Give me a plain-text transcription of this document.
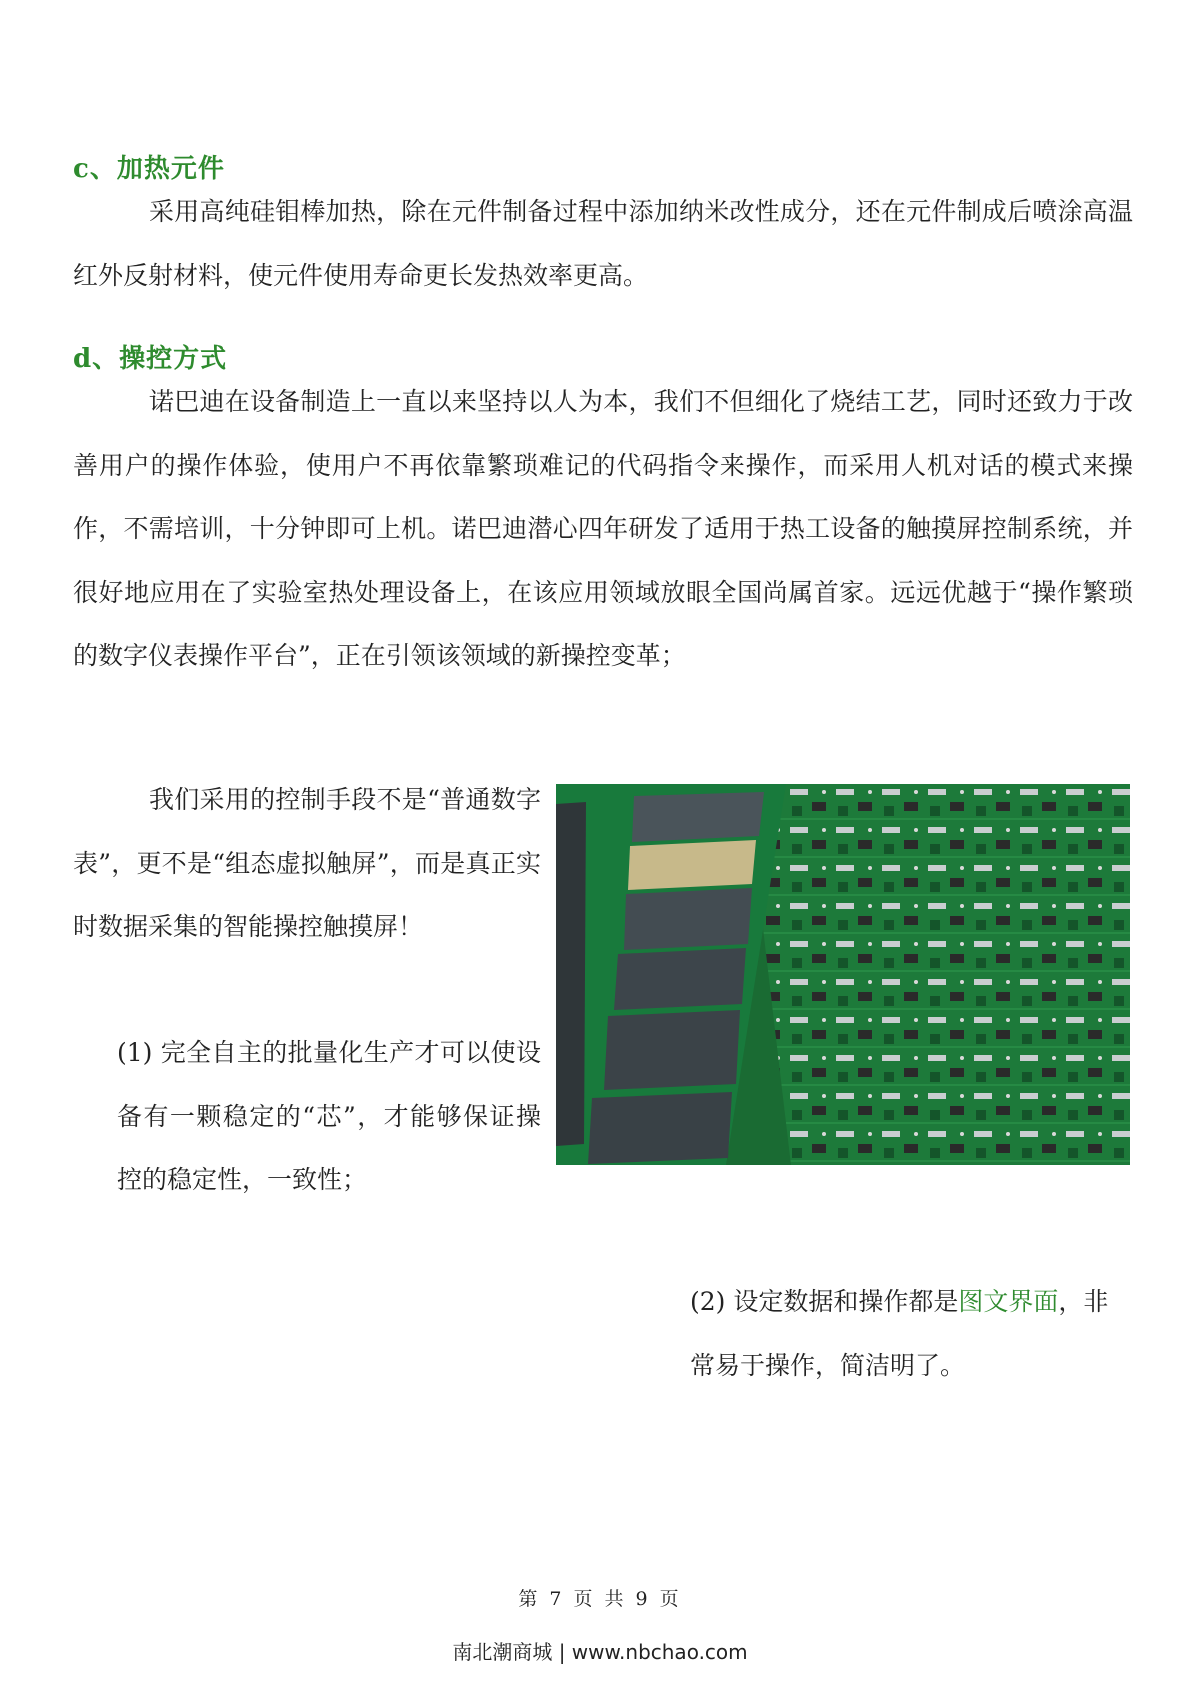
c、加热元件
采用高纯硅钼棒加热，除在元件制备过程中添加纳米改性成分，还在元件制成后喷涂高温红外反射材料，使元件使用寿命更长发热效率更高。
d、操控方式
诺巴迪在设备制造上一直以来坚持以人为本，我们不但细化了烧结工艺，同时还致力于改善用户的操作体验，使用户不再依靠繁琐难记的代码指令来操作，而采用人机对话的模式来操作，不需培训，十分钟即可上机。诺巴迪潜心四年研发了适用于热工设备的触摸屏控制系统，并很好地应用在了实验室热处理设备上，在该应用领域放眼全国尚属首家。远远优越于“操作繁琐的数字仪表操作平台”，正在引领该领域的新操控变革；
我们采用的控制手段不是“普通数字表”，更不是“组态虚拟触屏”，而是真正实时数据采集的智能操控触摸屏！
(1) 完全自主的批量化生产才可以使设备有一颗稳定的“芯”，才能够保证操控的稳定性，一致性；
(2) 设定数据和操作都是图文界面，非常易于操作，简洁明了。
第 7 页 共 9 页
南北潮商城 | www.nbchao.com
